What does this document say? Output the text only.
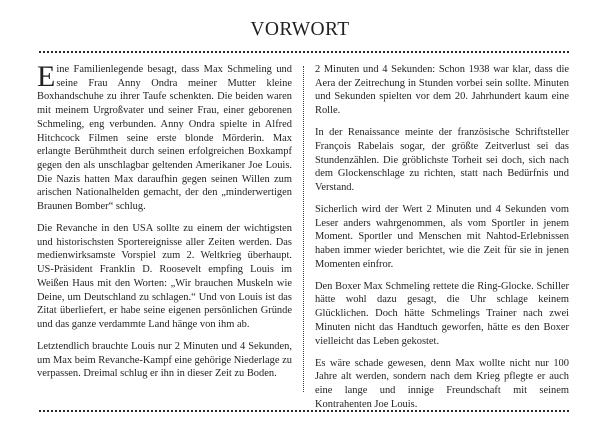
VORWORT

Eine Familienlegende besagt, dass Max Schmeling und seine Frau Anny Ondra meiner Mutter kleine Boxhandschuhe zu ihrer Taufe schenkten. Die beiden waren mit meinem Urgroßvater und seiner Frau, einer geborenen Schmeling, eng verbunden. Anny Ondra spielte in Alfred Hitchcock Filmen seine erste blonde Mörderin. Max erlangte Berühmtheit durch seinen erfolgreichen Boxkampf gegen den als unschlagbar geltenden Amerikaner Joe Louis. Die Nazis hatten Max daraufhin gegen seinen Willen zum arischen Nationalhelden gemacht, der den „minderwertigen Braunen Bomber“ schlug.

Die Revanche in den USA sollte zu einem der wichtigsten und historischsten Sportereignisse aller Zeiten werden. Das medienwirksamste Vorspiel zum 2. Weltkrieg überhaupt. US-Präsident Franklin D. Roosevelt empfing Louis im Weißen Haus mit den Worten: „Wir brauchen Muskeln wie Deine, um Deutschland zu schlagen.“ Und von Louis ist das Zitat überliefert, er habe seine eigenen persönlichen Gründe und das ganze verdammte Land hänge von ihm ab.

Letztendlich brauchte Louis nur 2 Minuten und 4 Sekunden, um Max beim Revanche-Kampf eine gehörige Niederlage zu verpassen. Dreimal schlug er ihn in dieser Zeit zu Boden.

2 Minuten und 4 Sekunden: Schon 1938 war klar, dass die Aera der Zeitrechung in Stunden vorbei sein sollte. Minuten und Sekunden spielten vor dem 20. Jahrhundert kaum eine Rolle.

In der Renaissance meinte der französische Schriftsteller François Rabelais sogar, der größte Zeitverlust sei das Stundenzählen. Die gröblichste Torheit sei doch, sich nach dem Glockenschlage zu richten, statt nach Bedürfnis und Verstand.

Sicherlich wird der Wert 2 Minuten und 4 Sekunden vom Leser anders wahrgenommen, als vom Sportler in jenem Moment. Sportler und Menschen mit Nahtod-Erlebnissen haben immer wieder berichtet, wie die Zeit für sie in jenen Momenten einfror.

Den Boxer Max Schmeling rettete die Ring-Glocke. Schiller hätte wohl dazu gesagt, die Uhr schlage keinem Glücklichen. Doch hätte Schmelings Trainer nach zwei Minuten nicht das Handtuch geworfen, hätte es den Boxer vielleicht das Leben gekostet.

Es wäre schade gewesen, denn Max wollte nicht nur 100 Jahre alt werden, sondern nach dem Krieg pflegte er auch eine lange und innige Freundschaft mit seinem Kontrahenten Joe Louis.
